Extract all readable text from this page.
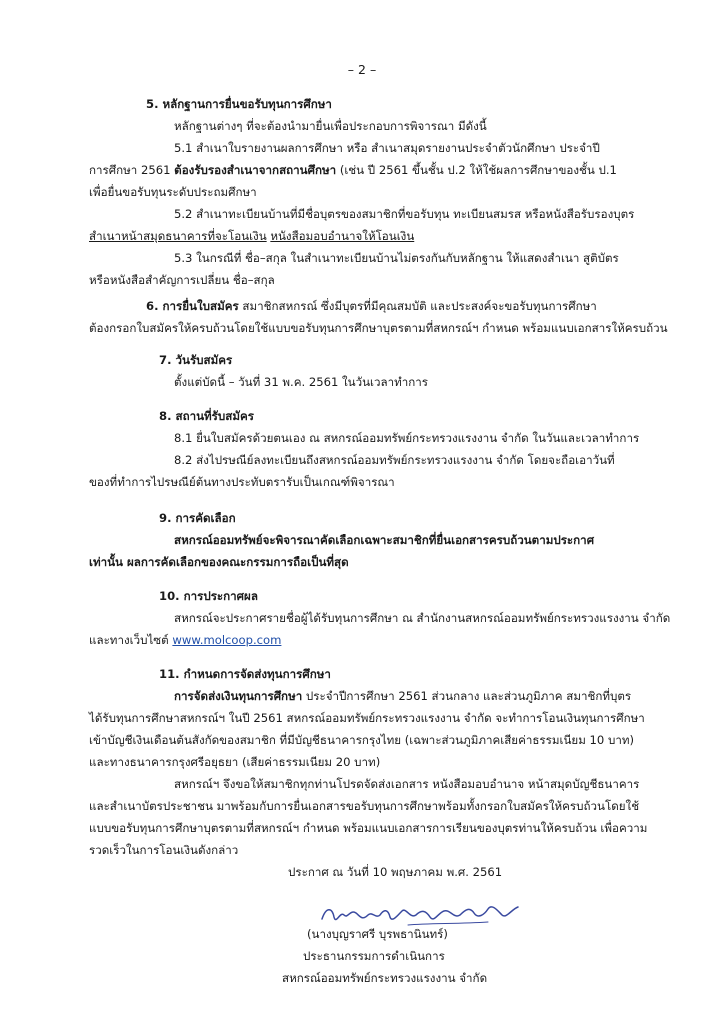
– 2 –
5. หลักฐานการยื่นขอรับทุนการศึกษา
หลักฐานต่างๆ ที่จะต้องนำมายื่นเพื่อประกอบการพิจารณา มีดังนี้
5.1 สำเนาใบรายงานผลการศึกษา หรือ สำเนาสมุดรายงานประจำตัวนักศึกษา ประจำปี
การศึกษา 2561 ต้องรับรองสำเนาจากสถานศึกษา (เช่น ปี 2561 ขึ้นชั้น ป.2 ให้ใช้ผลการศึกษาของชั้น ป.1
เพื่อยื่นขอรับทุนระดับประถมศึกษา
5.2 สำเนาทะเบียนบ้านที่มีชื่อบุตรของสมาชิกที่ขอรับทุน ทะเบียนสมรส หรือหนังสือรับรองบุตร
สำเนาหน้าสมุดธนาคารที่จะโอนเงิน หนังสือมอบอำนาจให้โอนเงิน
5.3 ในกรณีที่ ชื่อ–สกุล ในสำเนาทะเบียนบ้านไม่ตรงกันกับหลักฐาน ให้แสดงสำเนา สูติบัตร
หรือหนังสือสำคัญการเปลี่ยน ชื่อ–สกุล
6. การยื่นใบสมัคร สมาชิกสหกรณ์ ซึ่งมีบุตรที่มีคุณสมบัติ และประสงค์จะขอรับทุนการศึกษา
ต้องกรอกใบสมัครให้ครบถ้วนโดยใช้แบบขอรับทุนการศึกษาบุตรตามที่สหกรณ์ฯ กำหนด พร้อมแนบเอกสารให้ครบถ้วน
7. วันรับสมัคร
ตั้งแต่บัดนี้ – วันที่ 31 พ.ค. 2561 ในวันเวลาทำการ
8. สถานที่รับสมัคร
8.1 ยื่นใบสมัครด้วยตนเอง ณ สหกรณ์ออมทรัพย์กระทรวงแรงงาน จำกัด ในวันและเวลาทำการ
8.2 ส่งไปรษณีย์ลงทะเบียนถึงสหกรณ์ออมทรัพย์กระทรวงแรงงาน จำกัด โดยจะถือเอาวันที่
ของที่ทำการไปรษณีย์ต้นทางประทับตรารับเป็นเกณฑ์พิจารณา
9. การคัดเลือก
สหกรณ์ออมทรัพย์จะพิจารณาคัดเลือกเฉพาะสมาชิกที่ยื่นเอกสารครบถ้วนตามประกาศ
เท่านั้น ผลการคัดเลือกของคณะกรรมการถือเป็นที่สุด
10. การประกาศผล
สหกรณ์จะประกาศรายชื่อผู้ได้รับทุนการศึกษา ณ สำนักงานสหกรณ์ออมทรัพย์กระทรวงแรงงาน จำกัด
และทางเว็บไซต์ www.molcoop.com
11. กำหนดการจัดส่งทุนการศึกษา
การจัดส่งเงินทุนการศึกษา ประจำปีการศึกษา 2561 ส่วนกลาง และส่วนภูมิภาค สมาชิกที่บุตร
ได้รับทุนการศึกษาสหกรณ์ฯ ในปี 2561 สหกรณ์ออมทรัพย์กระทรวงแรงงาน จำกัด จะทำการโอนเงินทุนการศึกษา
เข้าบัญชีเงินเดือนต้นสังกัดของสมาชิก ที่มีบัญชีธนาคารกรุงไทย (เฉพาะส่วนภูมิภาคเสียค่าธรรมเนียม 10 บาท)
และทางธนาคารกรุงศรีอยุธยา (เสียค่าธรรมเนียม 20 บาท)
สหกรณ์ฯ จึงขอให้สมาชิกทุกท่านโปรดจัดส่งเอกสาร หนังสือมอบอำนาจ หน้าสมุดบัญชีธนาคาร
และสำเนาบัตรประชาชน มาพร้อมกับการยื่นเอกสารขอรับทุนการศึกษาพร้อมทั้งกรอกใบสมัครให้ครบถ้วนโดยใช้
แบบขอรับทุนการศึกษาบุตรตามที่สหกรณ์ฯ กำหนด พร้อมแนบเอกสารการเรียนของบุตรท่านให้ครบถ้วน เพื่อความ
รวดเร็วในการโอนเงินดังกล่าว
ประกาศ ณ วันที่ 10 พฤษภาคม พ.ศ. 2561
(นางบุญราศรี บุรพธานินทร์)
ประธานกรรมการดำเนินการ
สหกรณ์ออมทรัพย์กระทรวงแรงงาน จำกัด
